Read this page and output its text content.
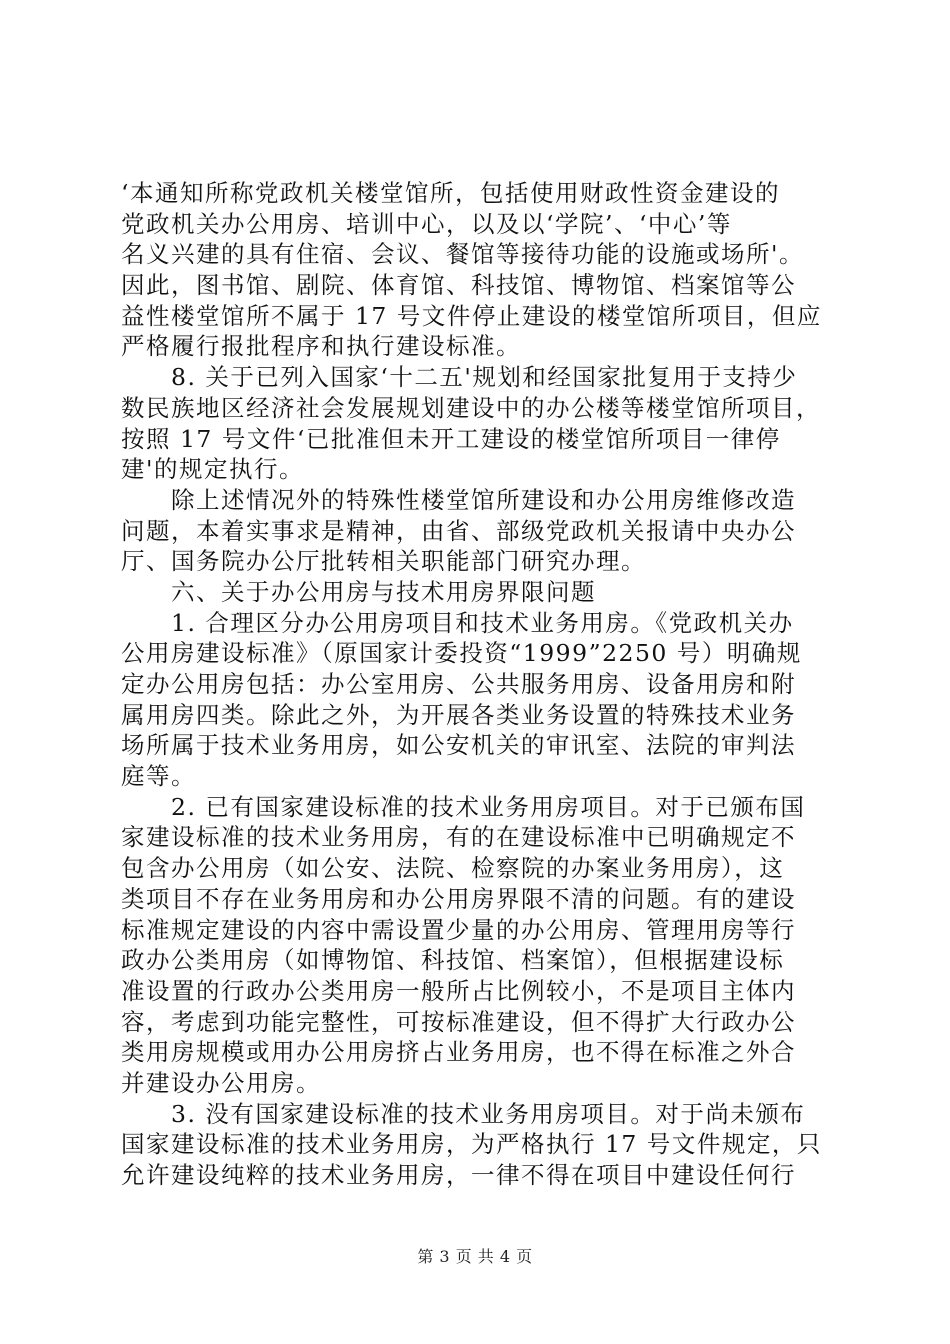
‘本通知所称党政机关楼堂馆所，包括使用财政性资金建设的
党政机关办公用房、培训中心，以及以‘学院’、‘中心’等
名义兴建的具有住宿、会议、餐馆等接待功能的设施或场所'。
因此，图书馆、剧院、体育馆、科技馆、博物馆、档案馆等公
益性楼堂馆所不属于 17 号文件停止建设的楼堂馆所项目，但应
严格履行报批程序和执行建设标准。
　　8. 关于已列入国家‘十二五'规划和经国家批复用于支持少
数民族地区经济社会发展规划建设中的办公楼等楼堂馆所项目，
按照 17 号文件‘已批准但未开工建设的楼堂馆所项目一律停
建'的规定执行。
　　除上述情况外的特殊性楼堂馆所建设和办公用房维修改造
问题，本着实事求是精神，由省、部级党政机关报请中央办公
厅、国务院办公厅批转相关职能部门研究办理。
　　六、关于办公用房与技术用房界限问题
　　1. 合理区分办公用房项目和技术业务用房。《党政机关办
公用房建设标准》（原国家计委投资“1999”2250 号）明确规
定办公用房包括：办公室用房、公共服务用房、设备用房和附
属用房四类。除此之外，为开展各类业务设置的特殊技术业务
场所属于技术业务用房，如公安机关的审讯室、法院的审判法
庭等。
　　2. 已有国家建设标准的技术业务用房项目。对于已颁布国
家建设标准的技术业务用房，有的在建设标准中已明确规定不
包含办公用房（如公安、法院、检察院的办案业务用房），这
类项目不存在业务用房和办公用房界限不清的问题。有的建设
标准规定建设的内容中需设置少量的办公用房、管理用房等行
政办公类用房（如博物馆、科技馆、档案馆），但根据建设标
准设置的行政办公类用房一般所占比例较小，不是项目主体内
容，考虑到功能完整性，可按标准建设，但不得扩大行政办公
类用房规模或用办公用房挤占业务用房，也不得在标准之外合
并建设办公用房。
　　3. 没有国家建设标准的技术业务用房项目。对于尚未颁布
国家建设标准的技术业务用房，为严格执行 17 号文件规定，只
允许建设纯粹的技术业务用房，一律不得在项目中建设任何行
第 3 页 共 4 页
